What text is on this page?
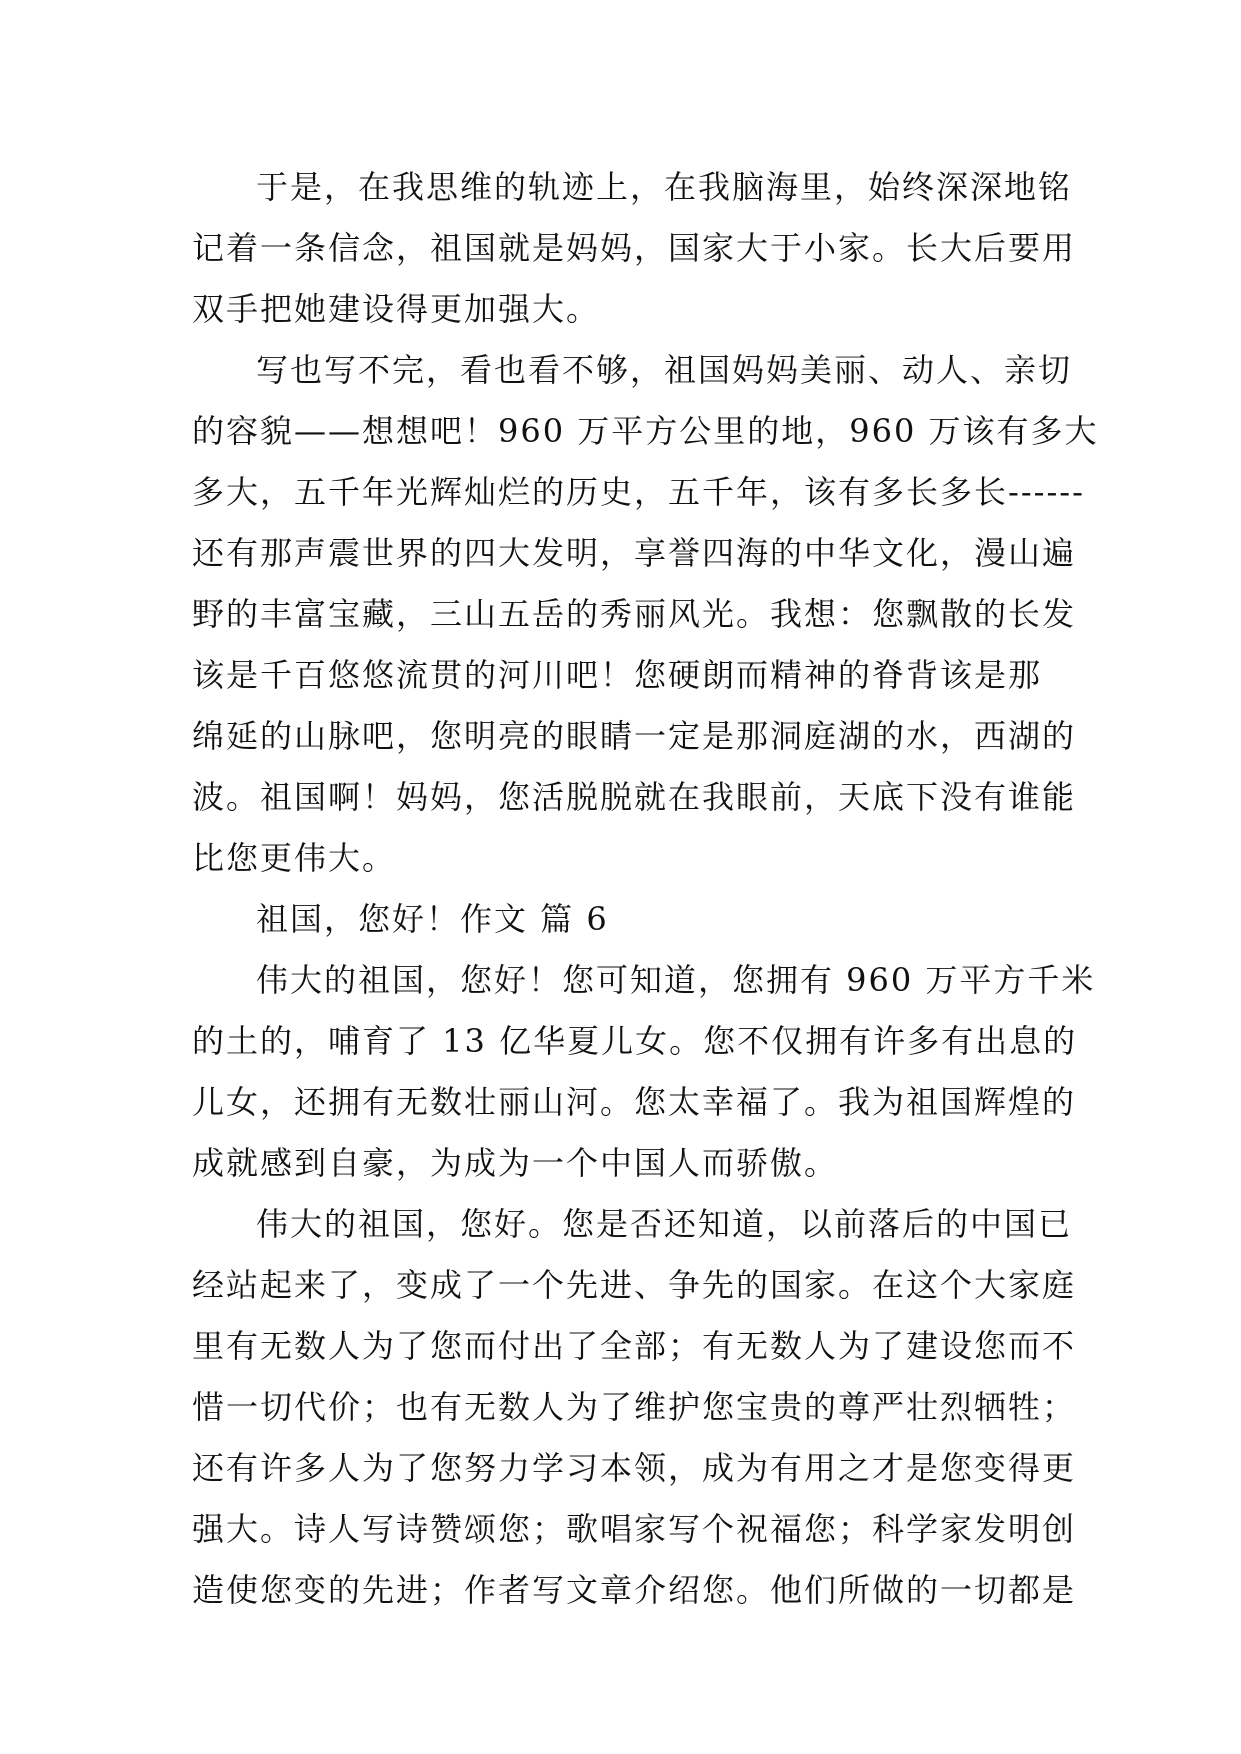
于是，在我思维的轨迹上，在我脑海里，始终深深地铭
记着一条信念，祖国就是妈妈，国家大于小家。长大后要用
双手把她建设得更加强大。
写也写不完，看也看不够，祖国妈妈美丽、动人、亲切
的容貌——想想吧！960 万平方公里的地，960 万该有多大
多大，五千年光辉灿烂的历史，五千年，该有多长多长------
还有那声震世界的四大发明，享誉四海的中华文化，漫山遍
野的丰富宝藏，三山五岳的秀丽风光。我想：您飘散的长发
该是千百悠悠流贯的河川吧！您硬朗而精神的脊背该是那
绵延的山脉吧，您明亮的眼睛一定是那洞庭湖的水，西湖的
波。祖国啊！妈妈，您活脱脱就在我眼前，天底下没有谁能
比您更伟大。
祖国，您好！作文 篇 6
伟大的祖国，您好！您可知道，您拥有 960 万平方千米
的土的，哺育了 13 亿华夏儿女。您不仅拥有许多有出息的
儿女，还拥有无数壮丽山河。您太幸福了。我为祖国辉煌的
成就感到自豪，为成为一个中国人而骄傲。
伟大的祖国，您好。您是否还知道，以前落后的中国已
经站起来了，变成了一个先进、争先的国家。在这个大家庭
里有无数人为了您而付出了全部；有无数人为了建设您而不
惜一切代价；也有无数人为了维护您宝贵的尊严壮烈牺牲；
还有许多人为了您努力学习本领，成为有用之才是您变得更
强大。诗人写诗赞颂您；歌唱家写个祝福您；科学家发明创
造使您变的先进；作者写文章介绍您。他们所做的一切都是
